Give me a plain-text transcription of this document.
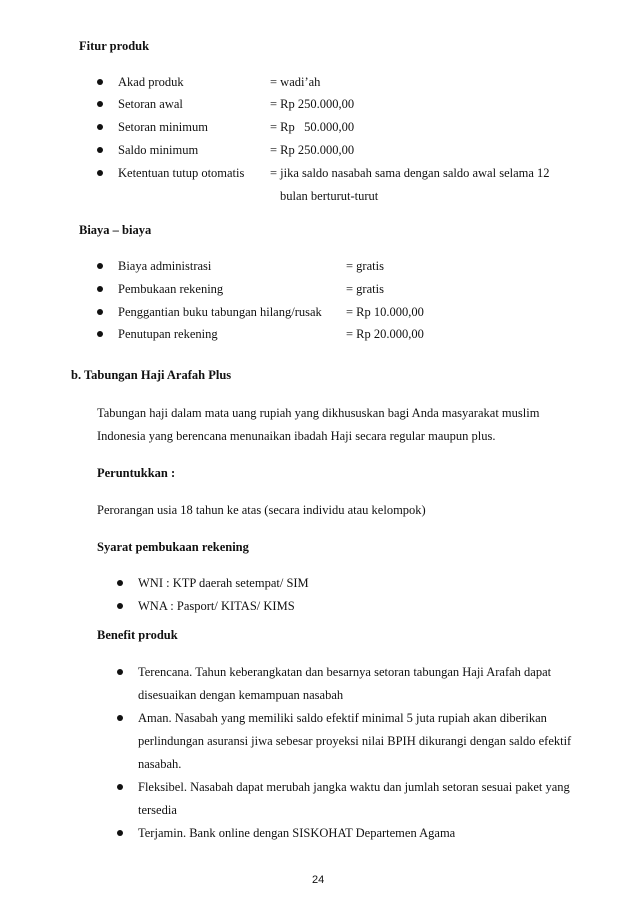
Fitur produk
Akad produk	= wadi’ah
Setoran awal	= Rp 250.000,00
Setoran minimum	= Rp   50.000,00
Saldo minimum	= Rp 250.000,00
Ketentuan tutup otomatis = jika saldo nasabah sama dengan saldo awal selama 12
bulan berturut-turut
Biaya – biaya
Biaya administrasi	= gratis
Pembukaan rekening	= gratis
Penggantian buku tabungan hilang/rusak = Rp 10.000,00
Penutupan rekening	= Rp 20.000,00
b. Tabungan Haji Arafah Plus
Tabungan haji dalam mata uang rupiah yang dikhususkan bagi Anda masyarakat muslim
Indonesia yang berencana menunaikan ibadah Haji secara regular maupun plus.
Peruntukkan :
Perorangan usia 18 tahun ke atas (secara individu atau kelompok)
Syarat pembukaan rekening
WNI : KTP daerah setempat/ SIM
WNA : Pasport/ KITAS/ KIMS
Benefit produk
Terencana. Tahun keberangkatan dan besarnya setoran tabungan Haji Arafah dapat
disesuaikan dengan kemampuan nasabah
Aman. Nasabah yang memiliki saldo efektif minimal 5 juta rupiah akan diberikan
perlindungan asuransi jiwa sebesar proyeksi nilai BPIH dikurangi dengan saldo efektif
nasabah.
Fleksibel. Nasabah dapat merubah jangka waktu dan jumlah setoran sesuai paket yang
tersedia
Terjamin. Bank online dengan SISKOHAT Departemen Agama
24
